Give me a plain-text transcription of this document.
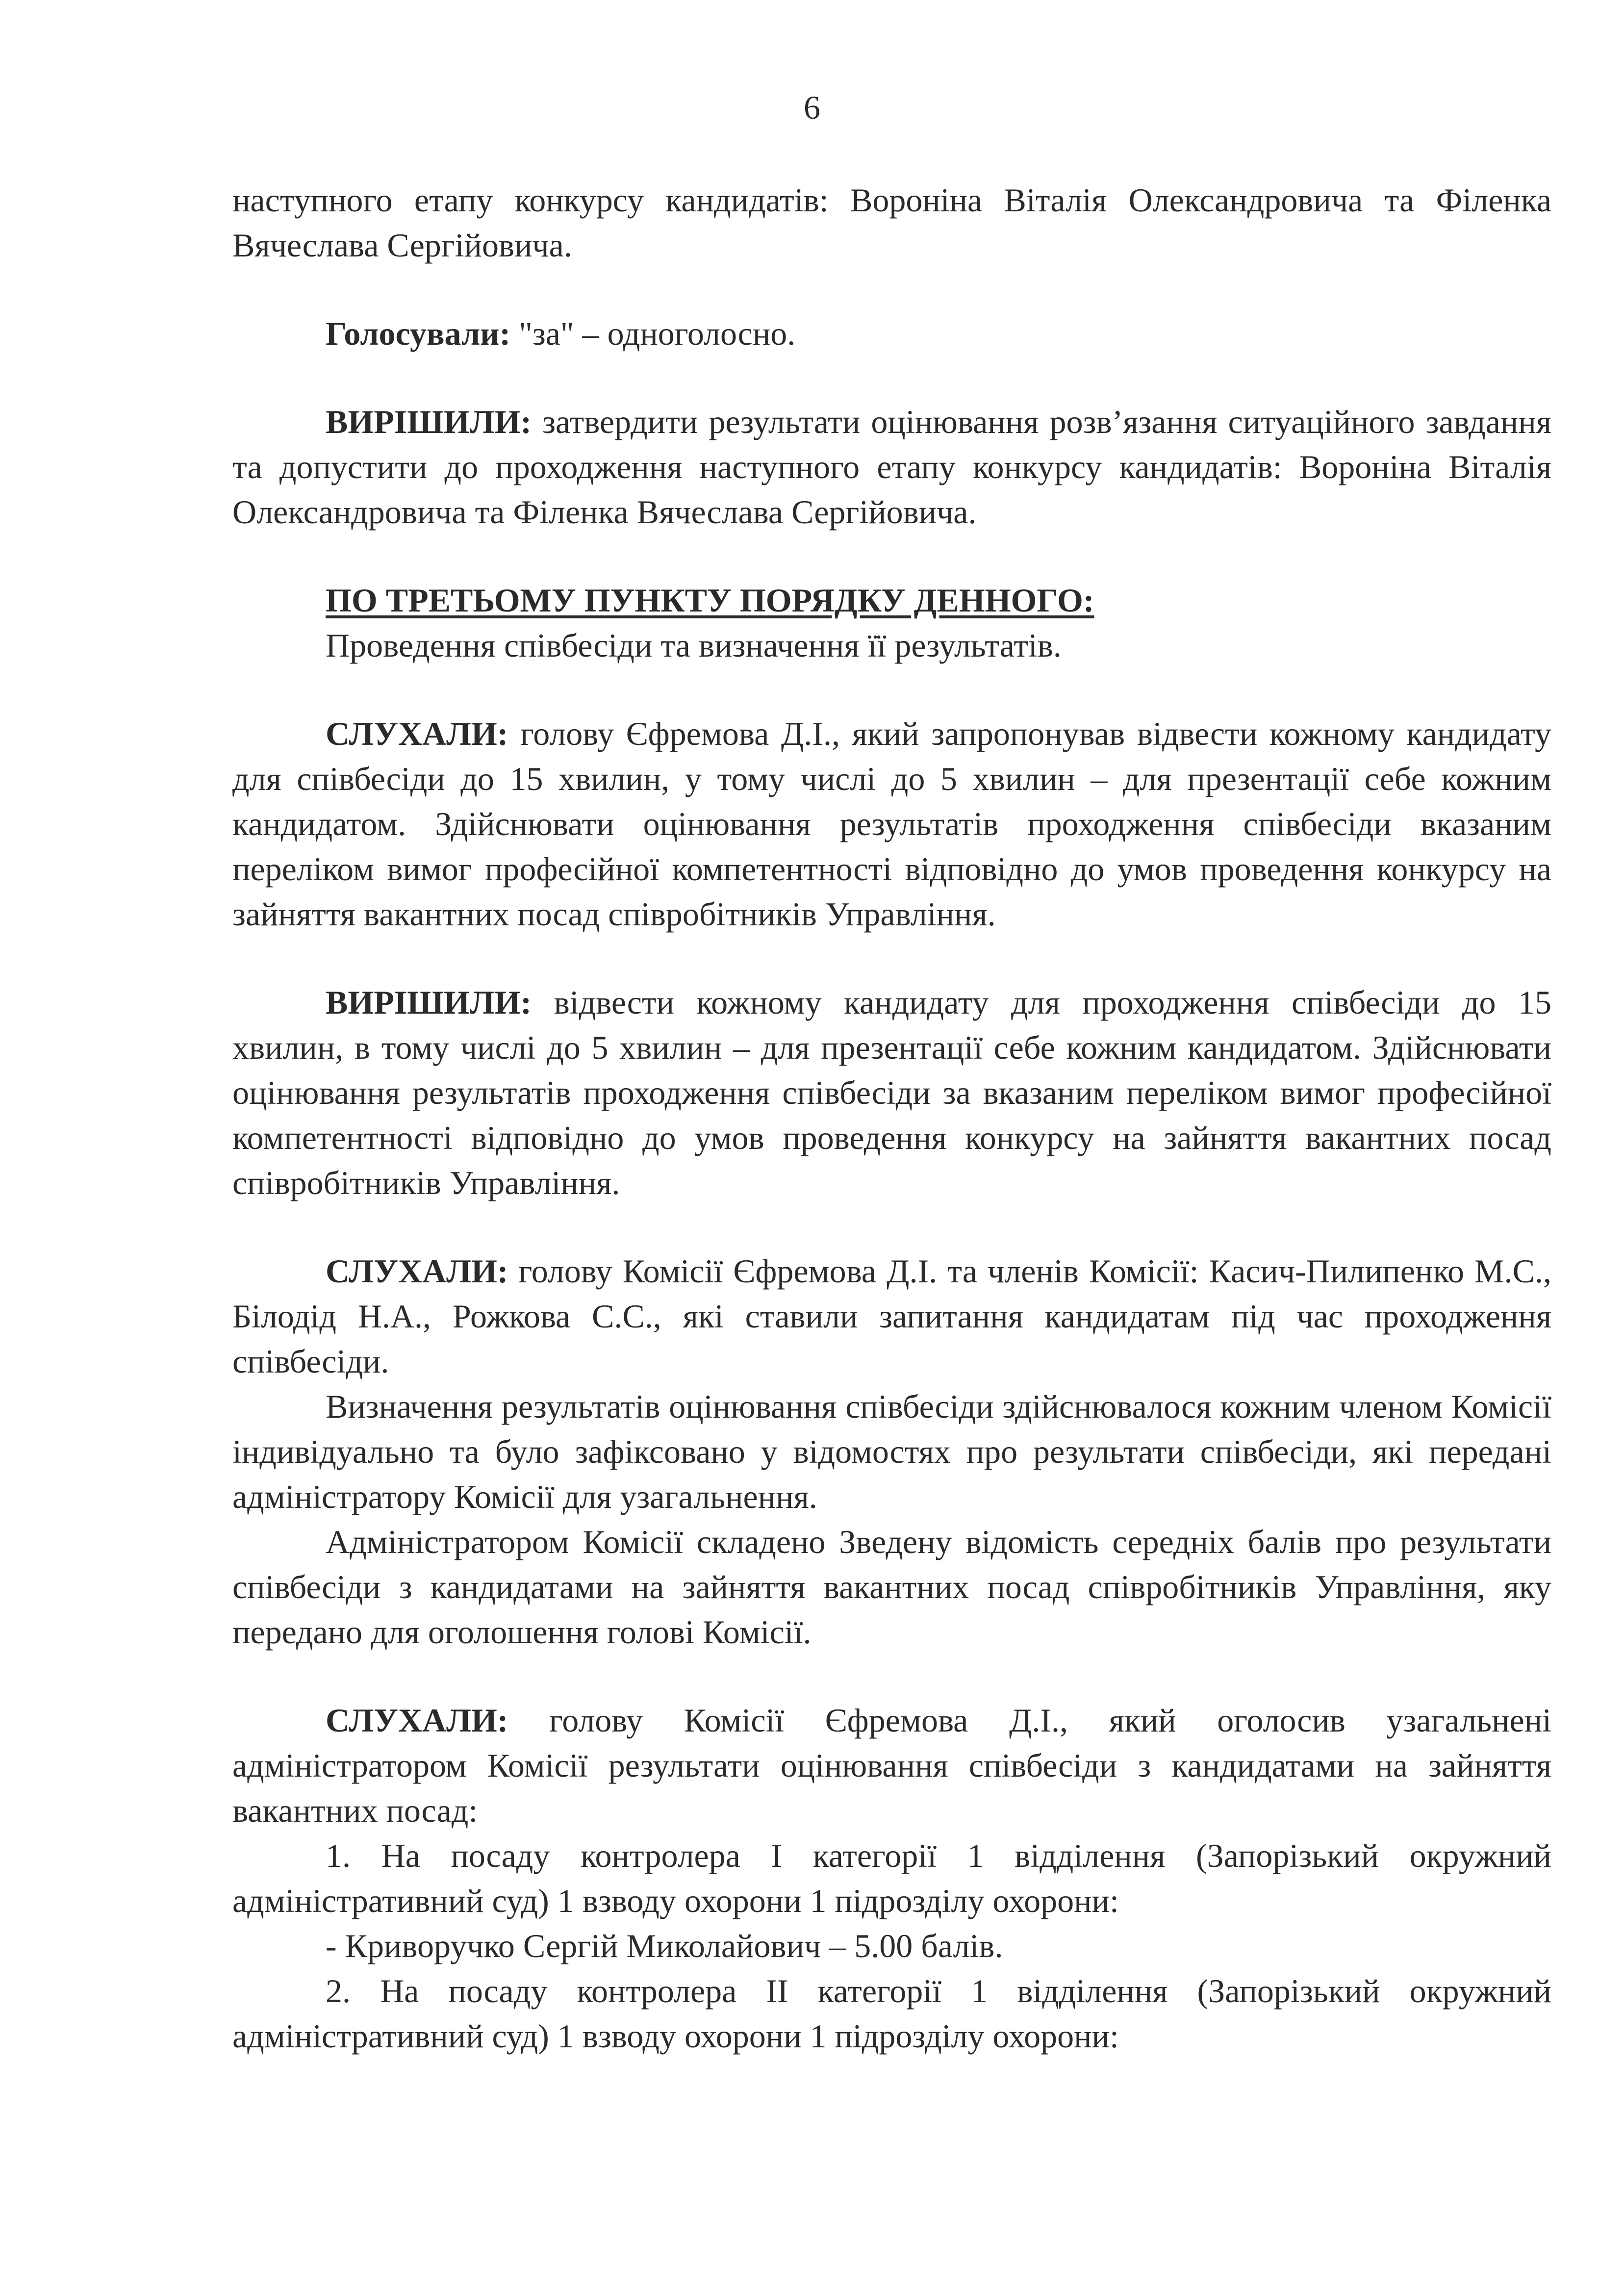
6

наступного етапу конкурсу кандидатів: Вороніна Віталія Олександровича та Філенка Вячеслава Сергійовича.

Голосували: "за" – одноголосно.

ВИРІШИЛИ: затвердити результати оцінювання розв’язання ситуаційного завдання та допустити до проходження наступного етапу конкурсу кандидатів: Вороніна Віталія Олександровича та Філенка Вячеслава Сергійовича.

ПО ТРЕТЬОМУ ПУНКТУ ПОРЯДКУ ДЕННОГО:

Проведення співбесіди та визначення її результатів.

СЛУХАЛИ: голову Єфремова Д.І., який запропонував відвести кожному кандидату для співбесіди до 15 хвилин, у тому числі до 5 хвилин – для презентації себе кожним кандидатом. Здійснювати оцінювання результатів проходження співбесіди вказаним переліком вимог професійної компетентності відповідно до умов проведення конкурсу на зайняття вакантних посад співробітників Управління.

ВИРІШИЛИ: відвести кожному кандидату для проходження співбесіди до 15 хвилин, в тому числі до 5 хвилин – для презентації себе кожним кандидатом. Здійснювати оцінювання результатів проходження співбесіди за вказаним переліком вимог професійної компетентності відповідно до умов проведення конкурсу на зайняття вакантних посад співробітників Управління.

СЛУХАЛИ: голову Комісії Єфремова Д.І. та членів Комісії: Касич-Пилипенко М.С., Білодід Н.А., Рожкова С.С., які ставили запитання кандидатам під час проходження співбесіди.

Визначення результатів оцінювання співбесіди здійснювалося кожним членом Комісії індивідуально та було зафіксовано у відомостях про результати співбесіди, які передані адміністратору Комісії для узагальнення.

Адміністратором Комісії складено Зведену відомість середніх балів про результати співбесіди з кандидатами на зайняття вакантних посад співробітників Управління, яку передано для оголошення голові Комісії.

СЛУХАЛИ: голову Комісії Єфремова Д.І., який оголосив узагальнені адміністратором Комісії результати оцінювання співбесіди з кандидатами на зайняття вакантних посад:

1. На посаду контролера І категорії 1 відділення (Запорізький окружний адміністративний суд) 1 взводу охорони 1 підрозділу охорони:

- Криворучко Сергій Миколайович – 5.00 балів.

2. На посаду контролера ІІ категорії 1 відділення (Запорізький окружний адміністративний суд) 1 взводу охорони 1 підрозділу охорони:
